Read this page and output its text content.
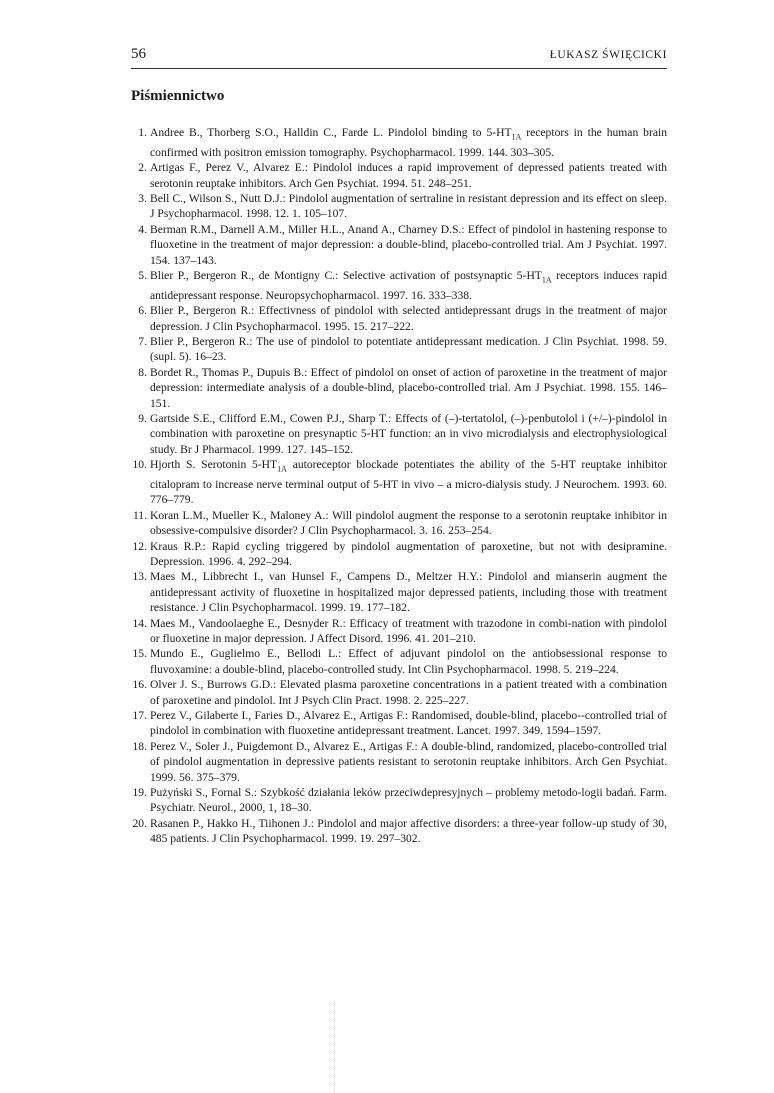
56	ŁUKASZ ŚWIĘCICKI
Piśmiennictwo
1. Andree B., Thorberg S.O., Halldin C., Farde L. Pindolol binding to $5-HT_{1A}$ receptors in the human brain confirmed with positron emission tomography. Psychopharmacol. 1999. 144. 303–305.
2. Artigas F., Perez V., Alvarez E.: Pindolol induces a rapid improvement of depressed patients treated with serotonin reuptake inhibitors. Arch Gen Psychiat. 1994. 51. 248–251.
3. Bell C., Wilson S., Nutt D.J.: Pindolol augmentation of sertraline in resistant depression and its effect on sleep. J Psychopharmacol. 1998. 12. 1. 105–107.
4. Berman R.M., Darnell A.M., Miller H.L., Anand A., Charney D.S.: Effect of pindolol in hastening response to fluoxetine in the treatment of major depression: a double-blind, placebo-controlled trial. Am J Psychiat. 1997. 154. 137–143.
5. Blier P., Bergeron R., de Montigny C.: Selective activation of postsynaptic $5-HT_{1A}$ receptors induces rapid antidepressant response. Neuropsychopharmacol. 1997. 16. 333–338.
6. Blier P., Bergeron R.: Effectivness of pindolol with selected antidepressant drugs in the treatment of major depression. J Clin Psychopharmacol. 1995. 15. 217–222.
7. Blier P., Bergeron R.: The use of pindolol to potentiate antidepressant medication. J Clin Psychiat. 1998. 59. (supl. 5). 16–23.
8. Bordet R., Thomas P., Dupuis B.: Effect of pindolol on onset of action of paroxetine in the treatment of major depression: intermediate analysis of a double-blind, placebo-controlled trial. Am J Psychiat. 1998. 155. 146–151.
9. Gartside S.E., Clifford E.M., Cowen P.J., Sharp T.: Effects of (–)-tertatolol, (–)-penbutolol i (+/–)-pindolol in combination with paroxetine on presynaptic 5-HT function: an in vivo microdialysis and electrophysiological study. Br J Pharmacol. 1999. 127. 145–152.
10. Hjorth S. Serotonin $5-HT_{1A}$ autoreceptor blockade potentiates the ability of the 5-HT reuptake inhibitor citalopram to increase nerve terminal output of 5-HT in vivo – a micro-dialysis study. J Neurochem. 1993. 60. 776–779.
11. Koran L.M., Mueller K., Maloney A.: Will pindolol augment the response to a serotonin reuptake inhibitor in obsessive-compulsive disorder? J Clin Psychopharmacol. 3. 16. 253–254.
12. Kraus R.P.: Rapid cycling triggered by pindolol augmentation of paroxetine, but not with desipramine. Depression. 1996. 4. 292–294.
13. Maes M., Libbrecht I., van Hunsel F., Campens D., Meltzer H.Y.: Pindolol and mianserin augment the antidepressant activity of fluoxetine in hospitalized major depressed patients, including those with treatment resistance. J Clin Psychopharmacol. 1999. 19. 177–182.
14. Maes M., Vandoolaeghe E., Desnyder R.: Efficacy of treatment with trazodone in combi-nation with pindolol or fluoxetine in major depression. J Affect Disord. 1996. 41. 201–210.
15. Mundo E., Guglielmo E., Bellodi L.: Effect of adjuvant pindolol on the antiobsessional response to fluvoxamine: a double-blind, placebo-controlled study. Int Clin Psychopharmacol. 1998. 5. 219–224.
16. Olver J. S., Burrows G.D.: Elevated plasma paroxetine concentrations in a patient treated with a combination of paroxetine and pindolol. Int J Psych Clin Pract. 1998. 2. 225–227.
17. Perez V., Gilaberte I., Faries D., Alvarez E., Artigas F.: Randomised, double-blind, placebo--controlled trial of pindolol in combination with fluoxetine antidepressant treatment. Lancet. 1997. 349. 1594–1597.
18. Perez V., Soler J., Puigdemont D., Alvarez E., Artigas F.: A double-blind, randomized, placebo-controlled trial of pindolol augmentation in depressive patients resistant to serotonin reuptake inhibitors. Arch Gen Psychiat. 1999. 56. 375–379.
19. Pużyński S., Fornal S.: Szybkość działania leków przeciwdepresyjnych – problemy metodo-logii badań. Farm. Psychiatr. Neurol., 2000, 1, 18–30.
20. Rasanen P., Hakko H., Tiihonen J.: Pindolol and major affective disorders: a three-year follow-up study of 30, 485 patients. J Clin Psychopharmacol. 1999. 19. 297–302.
